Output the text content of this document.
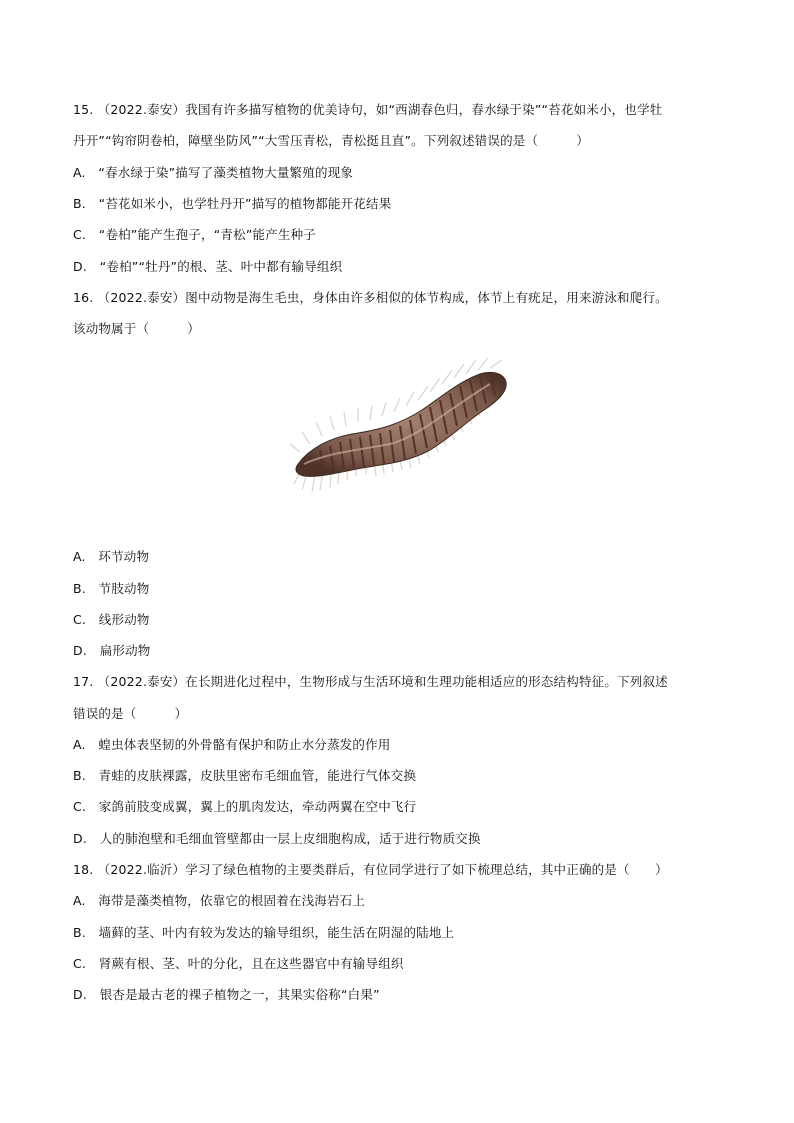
15. （2022.泰安）我国有许多描写植物的优美诗句，如“西湖春色归，春水绿于染”“苔花如米小，也学牡
丹开”“钩帘阴卷柏，障壁坐防风”“大雪压青松，青松挺且直”。下列叙述错误的是（　　　）
A.　“春水绿于染”描写了藻类植物大量繁殖的现象
B.　“苔花如米小，也学牡丹开”描写的植物都能开花结果
C.　“卷柏”能产生孢子，“青松”能产生种子
D.　“卷柏”“牡丹”的根、茎、叶中都有输导组织
16. （2022.泰安）图中动物是海生毛虫，身体由许多相似的体节构成，体节上有疣足，用来游泳和爬行。
该动物属于（　　　）
A.　环节动物
B.　节肢动物
C.　线形动物
D.　扁形动物
17. （2022.泰安）在长期进化过程中，生物形成与生活环境和生理功能相适应的形态结构特征。下列叙述
错误的是（　　　）
A.　蝗虫体表坚韧的外骨骼有保护和防止水分蒸发的作用
B.　青蛙的皮肤裸露，皮肤里密布毛细血管，能进行气体交换
C.　家鸽前肢变成翼，翼上的肌肉发达，牵动两翼在空中飞行
D.　人的肺泡壁和毛细血管壁都由一层上皮细胞构成，适于进行物质交换
18. （2022.临沂）学习了绿色植物的主要类群后，有位同学进行了如下梳理总结，其中正确的是（　　）
A.　海带是藻类植物，依靠它的根固着在浅海岩石上
B.　墙藓的茎、叶内有较为发达的输导组织，能生活在阴湿的陆地上
C.　肾蕨有根、茎、叶的分化，且在这些器官中有输导组织
D.　银杏是最古老的裸子植物之一，其果实俗称“白果”
